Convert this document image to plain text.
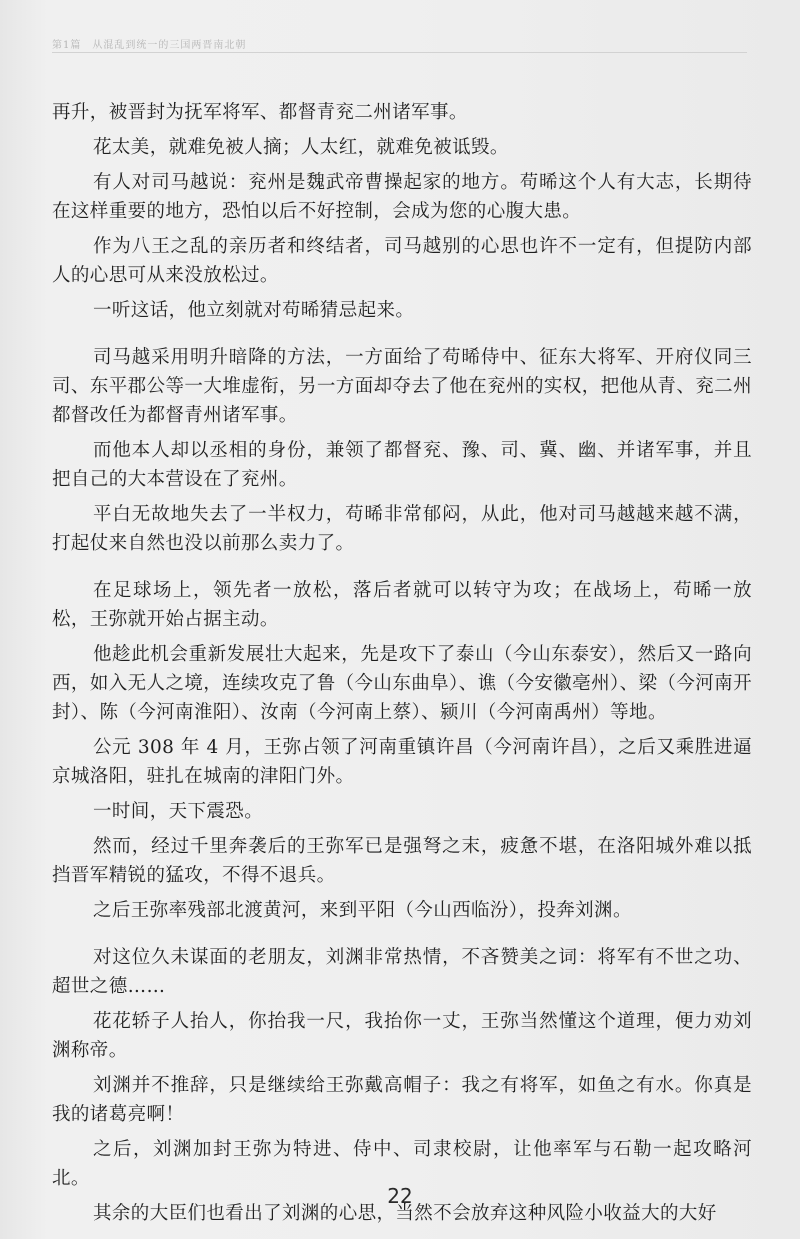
第1篇　从混乱到统一的三国两晋南北朝

再升，被晋封为抚军将军、都督青兖二州诸军事。

花太美，就难免被人摘；人太红，就难免被诋毁。

有人对司马越说：兖州是魏武帝曹操起家的地方。苟晞这个人有大志，长期待在这样重要的地方，恐怕以后不好控制，会成为您的心腹大患。

作为八王之乱的亲历者和终结者，司马越别的心思也许不一定有，但提防内部人的心思可从来没放松过。

一听这话，他立刻就对苟晞猜忌起来。

司马越采用明升暗降的方法，一方面给了苟晞侍中、征东大将军、开府仪同三司、东平郡公等一大堆虚衔，另一方面却夺去了他在兖州的实权，把他从青、兖二州都督改任为都督青州诸军事。

而他本人却以丞相的身份，兼领了都督兖、豫、司、冀、幽、并诸军事，并且把自己的大本营设在了兖州。

平白无故地失去了一半权力，苟晞非常郁闷，从此，他对司马越越来越不满，打起仗来自然也没以前那么卖力了。

在足球场上，领先者一放松，落后者就可以转守为攻；在战场上，苟晞一放松，王弥就开始占据主动。

他趁此机会重新发展壮大起来，先是攻下了泰山（今山东泰安），然后又一路向西，如入无人之境，连续攻克了鲁（今山东曲阜）、谯（今安徽亳州）、梁（今河南开封）、陈（今河南淮阳）、汝南（今河南上蔡）、颍川（今河南禹州）等地。

公元 308 年 4 月，王弥占领了河南重镇许昌（今河南许昌），之后又乘胜进逼京城洛阳，驻扎在城南的津阳门外。

一时间，天下震恐。

然而，经过千里奔袭后的王弥军已是强弩之末，疲惫不堪，在洛阳城外难以抵挡晋军精锐的猛攻，不得不退兵。

之后王弥率残部北渡黄河，来到平阳（今山西临汾），投奔刘渊。

对这位久未谋面的老朋友，刘渊非常热情，不吝赞美之词：将军有不世之功、超世之德……

花花轿子人抬人，你抬我一尺，我抬你一丈，王弥当然懂这个道理，便力劝刘渊称帝。

刘渊并不推辞，只是继续给王弥戴高帽子：我之有将军，如鱼之有水。你真是我的诸葛亮啊！

之后，刘渊加封王弥为特进、侍中、司隶校尉，让他率军与石勒一起攻略河北。

其余的大臣们也看出了刘渊的心思，当然不会放弃这种风险小收益大的大好

22
